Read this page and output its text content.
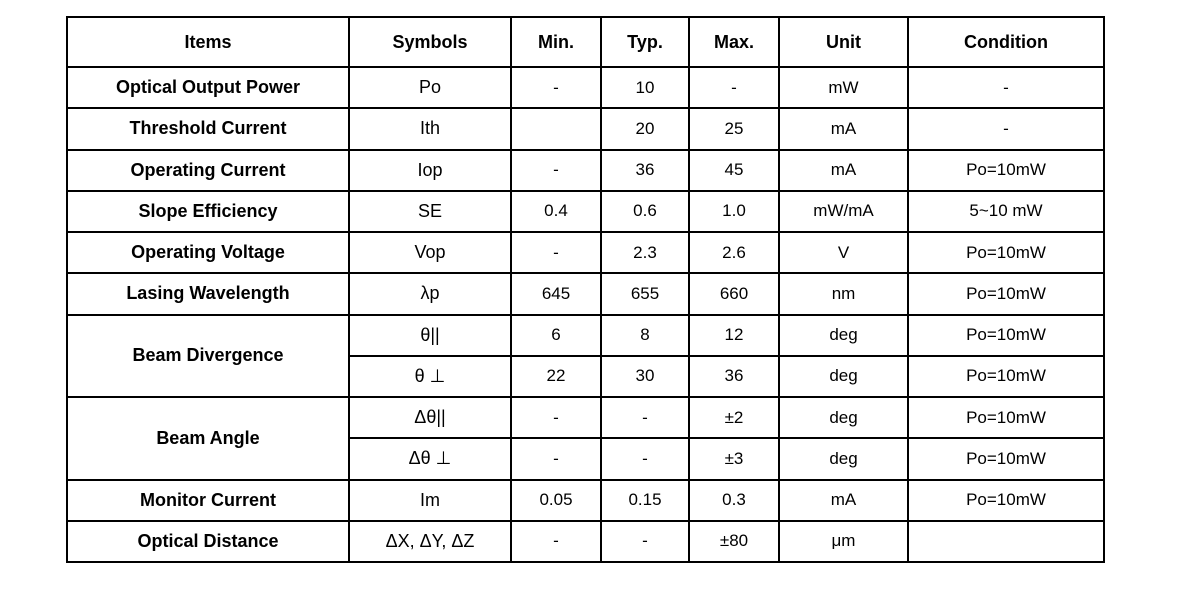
Items	Symbols	Min.	Typ.	Max.	Unit	Condition
Optical Output Power	Po	-	10	-	mW	-
Threshold Current	Ith		20	25	mA	-
Operating Current	Iop	-	36	45	mA	Po=10mW
Slope Efficiency	SE	0.4	0.6	1.0	mW/mA	5~10 mW
Operating Voltage	Vop	-	2.3	2.6	V	Po=10mW
Lasing Wavelength	λp	645	655	660	nm	Po=10mW
Beam Divergence	θ||	6	8	12	deg	Po=10mW
	θ ⊥	22	30	36	deg	Po=10mW
Beam Angle	Δθ||	-	-	±2	deg	Po=10mW
	Δθ ⊥	-	-	±3	deg	Po=10mW
Monitor Current	Im	0.05	0.15	0.3	mA	Po=10mW
Optical Distance	ΔX, ΔY, ΔZ	-	-	±80	μm	
